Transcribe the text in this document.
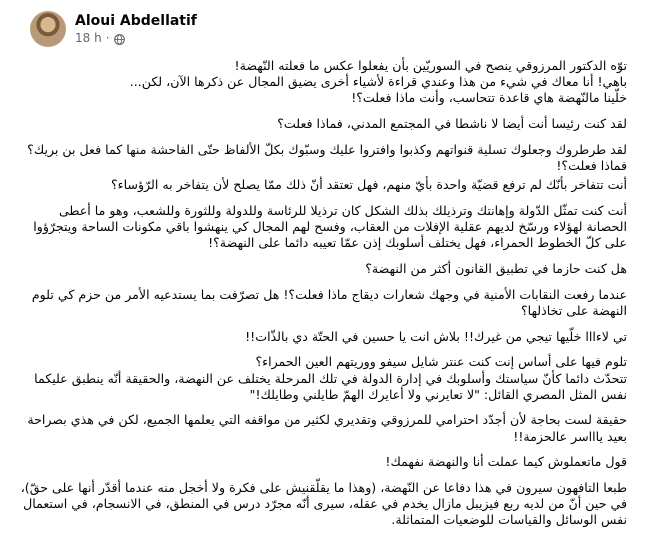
Aloui Abdellatif
18 h ·

توّه الدكتور المرزوقي ينصح في السوريّين بأن يفعلوا عكس ما فعلته النّهضة!
باهي! أنا معاك في شيء من هذا وعندي قراءة لأشياء أخرى يضيق المجال عن ذكرها الآن، لكن...
خلّينا مالنّهضة هاي قاعدة تتحاسب، وأنت ماذا فعلت؟!

لقد كنت رئيسا أنت أيضا لا ناشطا في المجتمع المدني، فماذا فعلت؟

لقد طرطروك وجعلوك تسلية قنواتهم وكذبوا وافتروا عليك وسبّوك بكلّ الألفاظ حتّى الفاحشة منها كما فعل بن بريك؟ فماذا فعلت؟!

أنت تتفاخر بأنّك لم ترفع قضيّة واحدة بأيّ منهم، فهل تعتقد أنّ ذلك ممّا يصلح لأن يتفاخر به الرّؤساء؟

أنت كنت تمثّل الدّولة وإهانتك وترذيلك بذلك الشكل كان ترذيلا للرئاسة وللدولة وللثورة وللشعب، وهو ما أعطى الحصانة لهؤلاء ورسّخ لديهم عقلية الإفلات من العقاب، وفسح لهم المجال كي ينهشوا باقي مكونات الساحة ويتجرّؤوا على كلّ الخطوط الحمراء، فهل يختلف أسلوبك إذن عمّا تعيبه دائما على النهضة؟!

هل كنت حازما في تطبيق القانون أكثر من النهضة؟

عندما رفعت النقابات الأمنية في وجهك شعارات ديقاج ماذا فعلت؟! هل تصرّفت بما يستدعيه الأمر من حزم كي تلوم النهضة على تخاذلها؟

تي لاءااا خلّيها تيجي من غيرك!! بلاش انت يا حسين في الحتّة دي بالذّات!!

تلوم فيها على أساس إنت كنت عنتر شايل سيفو ووريتهم العين الحمراء؟
تتحدّث دائما كأنّ سياستك وأسلوبك في إدارة الدولة في تلك المرحلة يختلف عن النهضة، والحقيقة أنّه ينطبق عليكما نفس المثل المصري القائل: "لا تعايرني ولا أعايرك الهمّ طايلني وطايلك!"

حقيقة لست بحاجة لأن أجدّد احترامي للمرزوقي وتقديري لكثير من مواقفه التي يعلمها الجميع، لكن في هذي بصراحة بعيد ياااسر عالحزمة!!

قول ماتعملوش كيما عملت أنا والنهضة نفهمك!

طبعا التافهون سيرون في هذا دفاعا عن النّهضة، (وهذا ما يقلّقنيش على فكرة ولا أخجل منه عندما أقدّر أنها على حقّ)، في حين أنّ من لديه ربع فيزيبل مازال يخدم في عقله، سيرى أنّه مجرّد درس في المنطق، في الانسجام، في استعمال نفس الوسائل والقياسات للوضعيات المتماثلة.
